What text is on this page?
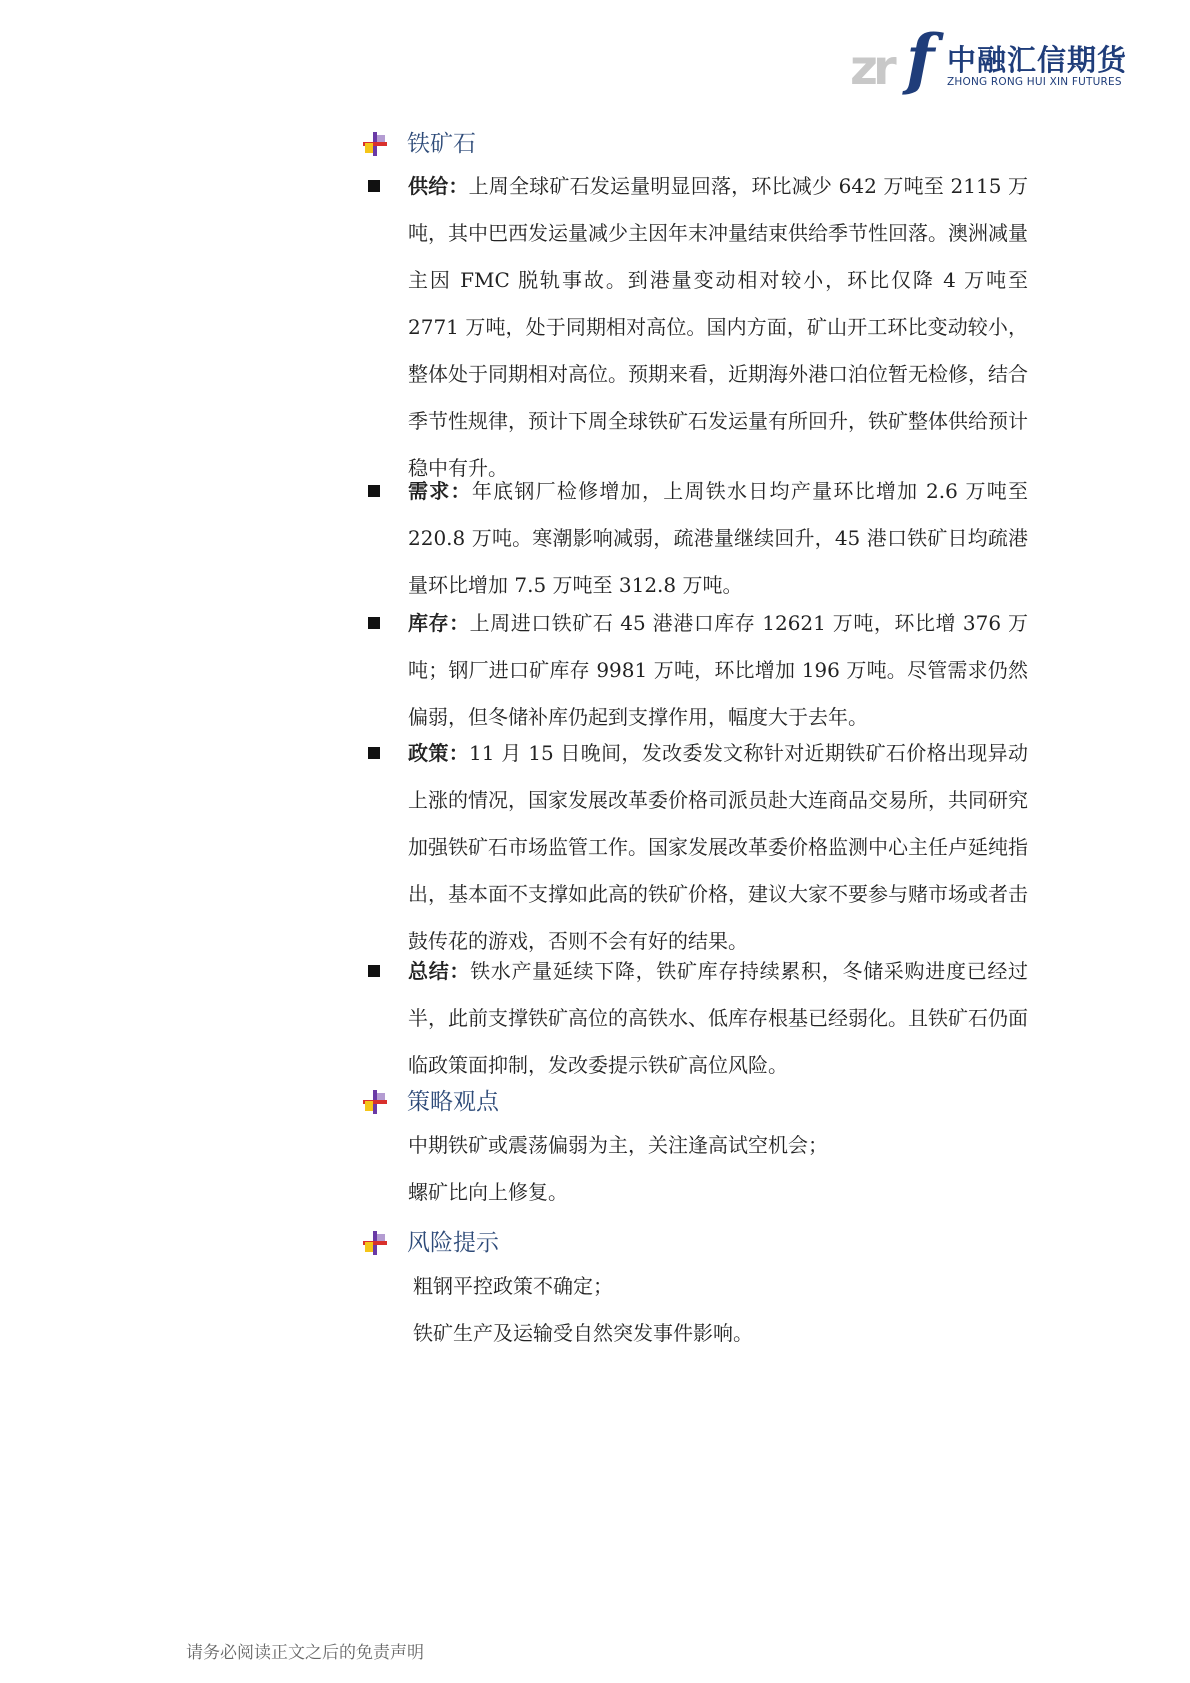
zr f 中融汇信期货
ZHONG RONG HUI XIN FUTURES
铁矿石
供给：上周全球矿石发运量明显回落，环比减少 642 万吨至 2115 万吨，其中巴西发运量减少主因年末冲量结束供给季节性回落。澳洲减量主因 FMC 脱轨事故。到港量变动相对较小，环比仅降 4 万吨至 2771 万吨，处于同期相对高位。国内方面，矿山开工环比变动较小，整体处于同期相对高位。预期来看，近期海外港口泊位暂无检修，结合季节性规律，预计下周全球铁矿石发运量有所回升，铁矿整体供给预计稳中有升。
需求：年底钢厂检修增加，上周铁水日均产量环比增加 2.6 万吨至 220.8 万吨。寒潮影响减弱，疏港量继续回升，45 港口铁矿日均疏港量环比增加 7.5 万吨至 312.8 万吨。
库存：上周进口铁矿石 45 港港口库存 12621 万吨，环比增 376 万吨；钢厂进口矿库存 9981 万吨，环比增加 196 万吨。尽管需求仍然偏弱，但冬储补库仍起到支撑作用，幅度大于去年。
政策：11 月 15 日晚间，发改委发文称针对近期铁矿石价格出现异动上涨的情况，国家发展改革委价格司派员赴大连商品交易所，共同研究加强铁矿石市场监管工作。国家发展改革委价格监测中心主任卢延纯指出，基本面不支撑如此高的铁矿价格，建议大家不要参与赌市场或者击鼓传花的游戏，否则不会有好的结果。
总结：铁水产量延续下降，铁矿库存持续累积，冬储采购进度已经过半，此前支撑铁矿高位的高铁水、低库存根基已经弱化。且铁矿石仍面临政策面抑制，发改委提示铁矿高位风险。
策略观点
中期铁矿或震荡偏弱为主，关注逢高试空机会；
螺矿比向上修复。
风险提示
粗钢平控政策不确定；
铁矿生产及运输受自然突发事件影响。
请务必阅读正文之后的免责声明
